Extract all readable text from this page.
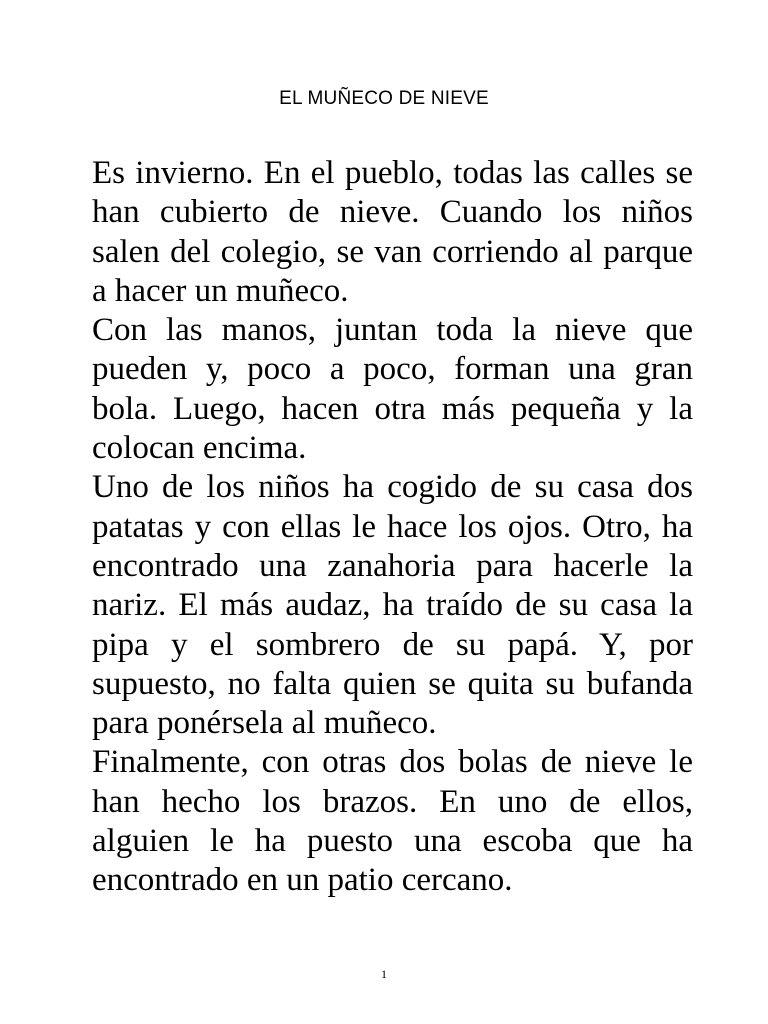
EL MUÑECO DE NIEVE

Es invierno. En el pueblo, todas las calles se han cubierto de nieve. Cuando los niños salen del colegio, se van corriendo al parque a hacer un muñeco.

Con las manos, juntan toda la nieve que pueden y, poco a poco, forman una gran bola. Luego, hacen otra más pequeña y la colocan encima.

Uno de los niños ha cogido de su casa dos patatas y con ellas le hace los ojos. Otro, ha encontrado una zanahoria para hacerle la nariz. El más audaz, ha traído de su casa la pipa y el sombrero de su papá. Y, por supuesto, no falta quien se quita su bufanda para ponérsela al muñeco.

Finalmente, con otras dos bolas de nieve le han hecho los brazos. En uno de ellos, alguien le ha puesto una escoba que ha encontrado en un patio cercano.

1
